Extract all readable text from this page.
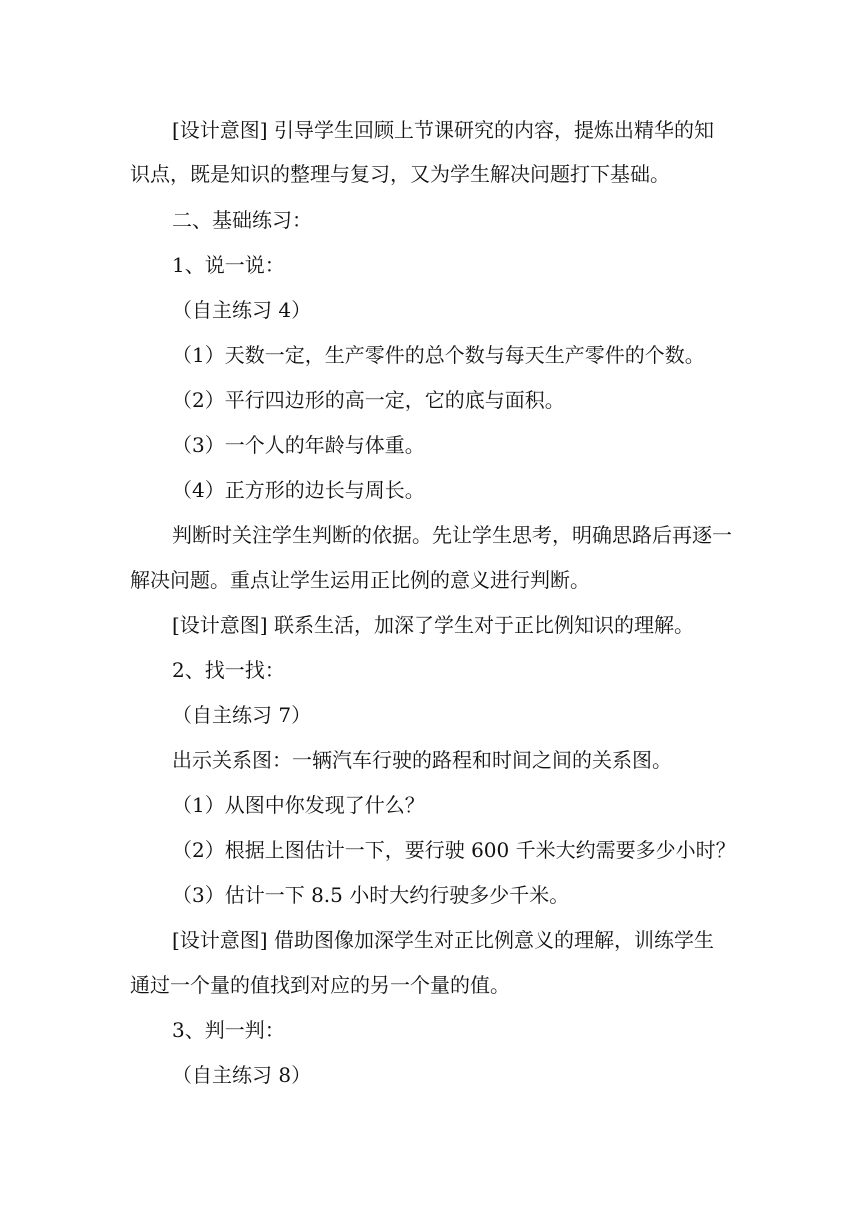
[设计意图] 引导学生回顾上节课研究的内容，提炼出精华的知
识点，既是知识的整理与复习，又为学生解决问题打下基础。
二、基础练习：
1、说一说：
（自主练习 4）
（1）天数一定，生产零件的总个数与每天生产零件的个数。
（2）平行四边形的高一定，它的底与面积。
（3）一个人的年龄与体重。
（4）正方形的边长与周长。
判断时关注学生判断的依据。先让学生思考，明确思路后再逐一
解决问题。重点让学生运用正比例的意义进行判断。
[设计意图] 联系生活，加深了学生对于正比例知识的理解。
2、找一找：
（自主练习 7）
出示关系图：一辆汽车行驶的路程和时间之间的关系图。
（1）从图中你发现了什么？
（2）根据上图估计一下，要行驶 600 千米大约需要多少小时？
（3）估计一下 8.5 小时大约行驶多少千米。
[设计意图] 借助图像加深学生对正比例意义的理解，训练学生
通过一个量的值找到对应的另一个量的值。
3、判一判：
（自主练习 8）
